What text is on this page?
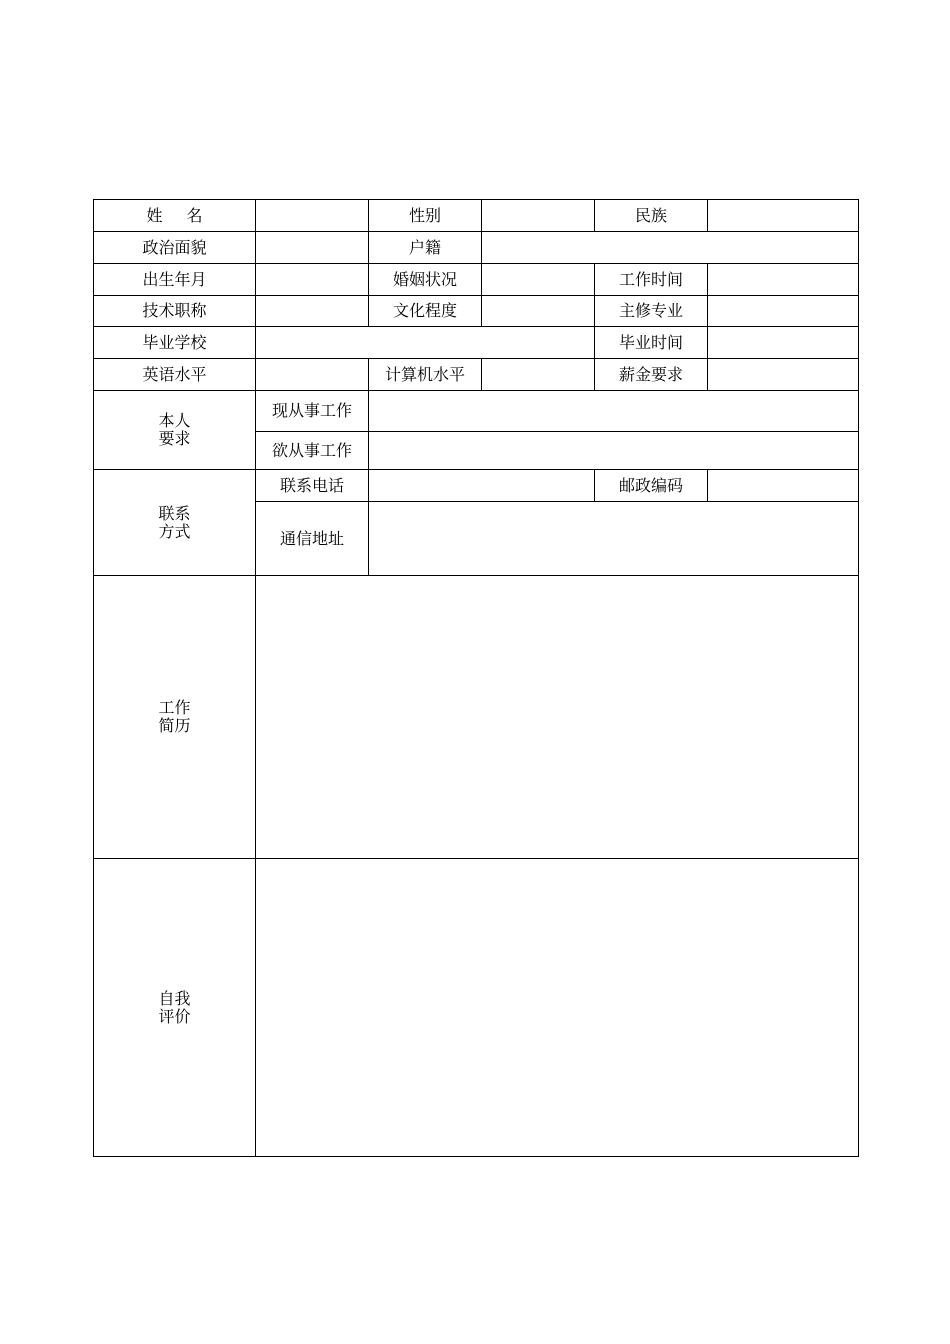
姓 名		性别		民族	
政治面貌		户籍			
出生年月		婚姻状况		工作时间	
技术职称		文化程度		主修专业	
毕业学校				毕业时间	
英语水平		计算机水平		薪金要求	

本人
要求	现从事工作				
	欲从事工作				

联系
方式	联系电话			邮政编码	
	通信地址				

工作
简历					

自我
评价					
